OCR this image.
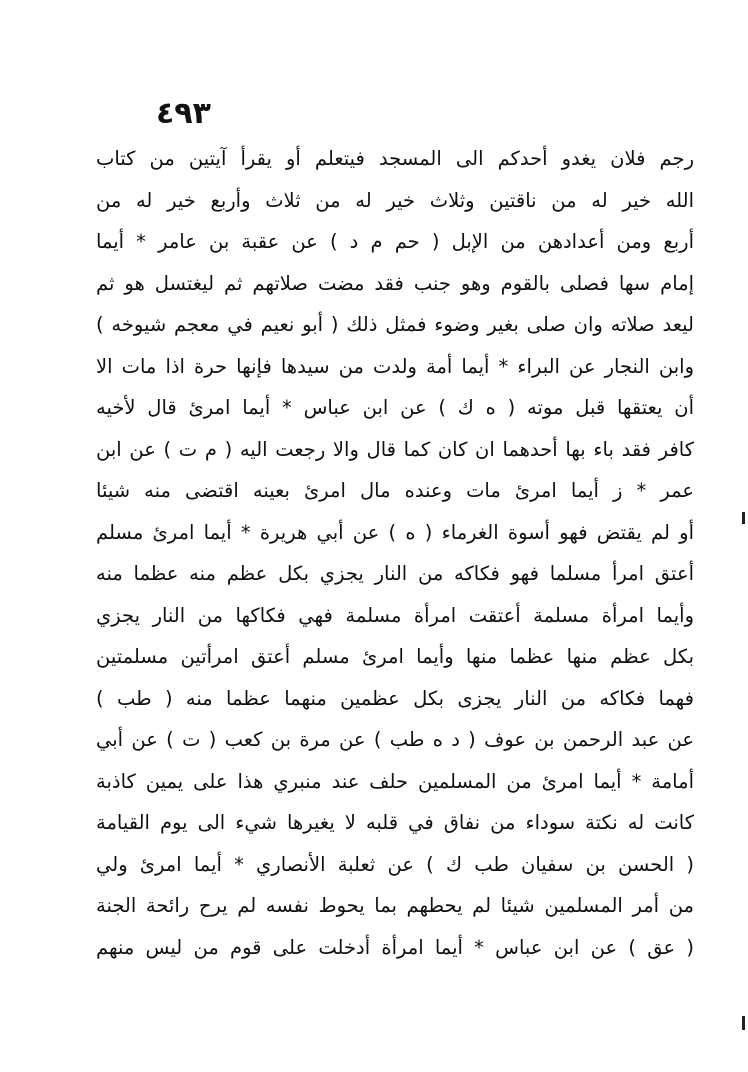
٤٩٣
رجم فلان يغدو أحدكم الى المسجد فيتعلم أو يقرأ آيتين من كتاب
الله خير له من ناقتين وثلاث خير له من ثلاث وأربع خير له من
أربع ومن أعدادهن من الإبل ( حم م د ) عن عقبة بن عامر * أيما
إمام سها فصلى بالقوم وهو جنب فقد مضت صلاتهم ثم ليغتسل هو ثم
ليعد صلاته وان صلى بغير وضوء فمثل ذلك ( أبو نعيم في معجم شيوخه )
وابن النجار عن البراء * أيما أمة ولدت من سيدها فإنها حرة اذا مات الا
أن يعتقها قبل موته ( ه ك ) عن ابن عباس * أيما امرئ قال لأخيه
كافر فقد باء بها أحدهما ان كان كما قال والا رجعت اليه ( م ت ) عن ابن
عمر * ز أيما امرئ مات وعنده مال امرئ بعينه اقتضى منه شيئا
أو لم يقتض فهو أسوة الغرماء ( ه ) عن أبي هريرة * أيما امرئ مسلم
أعتق امرأ مسلما فهو فكاكه من النار يجزي بكل عظم منه عظما منه
وأيما امرأة مسلمة أعتقت امرأة مسلمة فهي فكاكها من النار يجزي
بكل عظم منها عظما منها وأيما امرئ مسلم أعتق امرأتين مسلمتين
فهما فكاكه من النار يجزى بكل عظمين منهما عظما منه ( طب )
عن عبد الرحمن بن عوف ( د ه طب ) عن مرة بن كعب ( ت ) عن أبي
أمامة * أيما امرئ من المسلمين حلف عند منبري هذا على يمين كاذبة
كانت له نكتة سوداء من نفاق في قلبه لا يغيرها شيء الى يوم القيامة
( الحسن بن سفيان طب ك ) عن ثعلبة الأنصاري * أيما امرئ ولي
من أمر المسلمين شيئا لم يحطهم بما يحوط نفسه لم يرح رائحة الجنة
( عق ) عن ابن عباس * أيما امرأة أدخلت على قوم من ليس منهم
